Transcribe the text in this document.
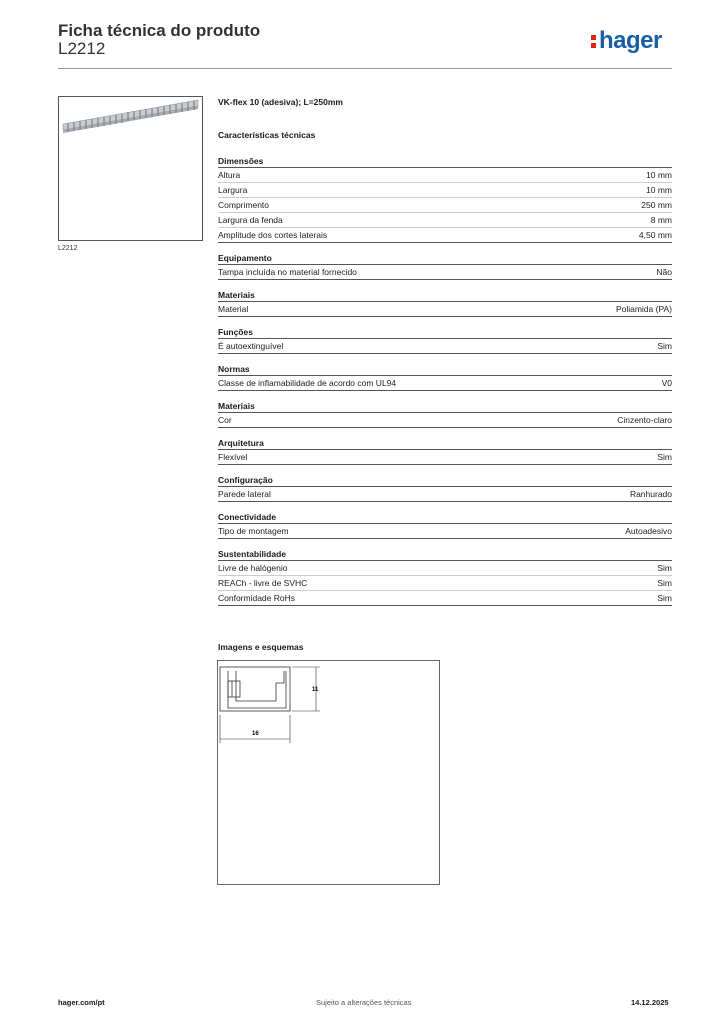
Ficha técnica do produto
L2212	hager
L2212
VK-flex 10 (adesiva); L=250mm
Características técnicas
Dimensões
Altura	10 mm
Largura	10 mm
Comprimento	250 mm
Largura da fenda	8 mm
Amplitude dos cortes laterais	4,50 mm
Equipamento
Tampa incluída no material fornecido	Não
Materiais
Material	Poliamida (PA)
Funções
É autoextinguível	Sim
Normas
Classe de inflamabilidade de acordo com UL94	V0
Materiais
Cor	Cinzento-claro
Arquitetura
Flexível	Sim
Configuração
Parede lateral	Ranhurado
Conectividade
Tipo de montagem	Autoadesivo
Sustentabilidade
Livre de halógenio	Sim
REACh - livre de SVHC	Sim
Conformidade RoHs	Sim
Imagens e esquemas
11
16
hager.com/pt	Sujeito a alterações técnicas	14.12.2025
